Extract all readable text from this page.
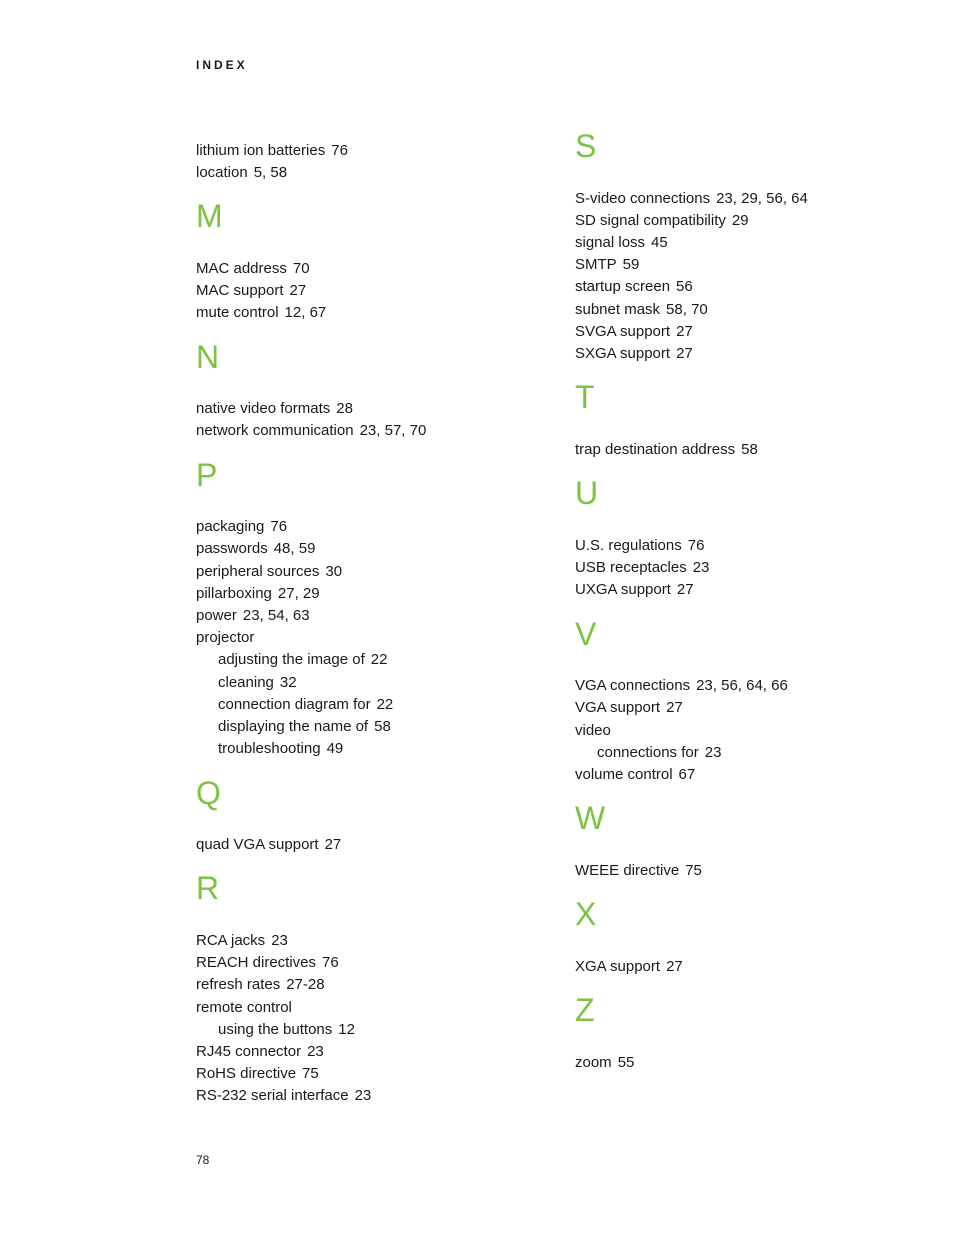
INDEX

lithium ion batteries 76
location 5, 58
M
MAC address 70
MAC support 27
mute control 12, 67
N
native video formats 28
network communication 23, 57, 70
P
packaging 76
passwords 48, 59
peripheral sources 30
pillarboxing 27, 29
power 23, 54, 63
projector
adjusting the image of 22
cleaning 32
connection diagram for 22
displaying the name of 58
troubleshooting 49
Q
quad VGA support 27
R
RCA jacks 23
REACH directives 76
refresh rates 27-28
remote control
using the buttons 12
RJ45 connector 23
RoHS directive 75
RS-232 serial interface 23
S
S-video connections 23, 29, 56, 64
SD signal compatibility 29
signal loss 45
SMTP 59
startup screen 56
subnet mask 58, 70
SVGA support 27
SXGA support 27
T
trap destination address 58
U
U.S. regulations 76
USB receptacles 23
UXGA support 27
V
VGA connections 23, 56, 64, 66
VGA support 27
video
connections for 23
volume control 67
W
WEEE directive 75
X
XGA support 27
Z
zoom 55

78
